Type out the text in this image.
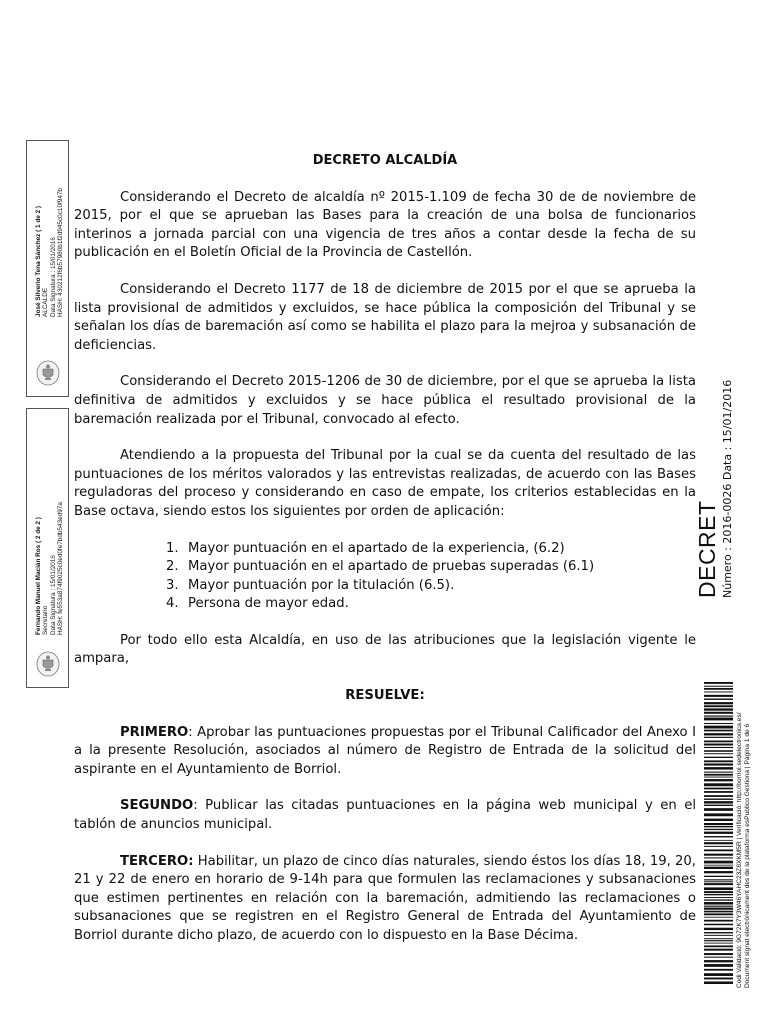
José Silverio Tena Sánchez ( 1 de 2 ) ALCALDE Data Signatura : 15/01/2016 HASH: 430212f6b57980b1f2d945c0c10f947b
Fernando Manuel Macián Ros ( 2 de 2 ) Secretario Data Signatura : 15/01/2016 HASH: fe553a874f9025c0ed0fe7bdb543ed97a
DECRETO ALCALDÍA

Considerando el Decreto de alcaldía nº 2015-1.109 de fecha 30 de de noviembre de 2015, por el que se aprueban las Bases para la creación de una bolsa de funcionarios interinos a jornada parcial con una vigencia de tres años a contar desde la fecha de su publicación en el Boletín Oficial de la Provincia de Castellón.

Considerando el Decreto 1177 de 18 de diciembre de 2015 por el que se aprueba la lista provisional de admitidos y excluidos, se hace pública la composición del Tribunal y se señalan los días de baremación así como se habilita el plazo para la mejroa y subsanación de deficiencias.

Considerando el Decreto 2015-1206 de 30 de diciembre, por el que se aprueba la lista definitiva de admitidos y excluidos y se hace pública el resultado provisional de la baremación realizada por el Tribunal, convocado al efecto.

Atendiendo a la propuesta del Tribunal por la cual se da cuenta del resultado de las puntuaciones de los méritos valorados y las entrevistas realizadas, de acuerdo con las Bases reguladoras del proceso y considerando en caso de empate, los criterios establecidas en la Base octava, siendo estos los siguientes por orden de aplicación:

1. Mayor puntuación en el apartado de la experiencia, (6.2)
2. Mayor puntuación en el apartado de pruebas superadas (6.1)
3. Mayor puntuación por la titulación (6.5).
4. Persona de mayor edad.

Por todo ello esta Alcaldía, en uso de las atribuciones que la legislación vigente le ampara,

RESUELVE:

PRIMERO: Aprobar las puntuaciones propuestas por el Tribunal Calificador del Anexo I a la presente Resolución, asociados al número de Registro de Entrada de la solicitud del aspirante en el Ayuntamiento de Borriol.

SEGUNDO: Publicar las citadas puntuaciones en la página web municipal y en el tablón de anuncios municipal.

TERCERO: Habilitar, un plazo de cinco días naturales, siendo éstos los días 18, 19, 20, 21 y 22 de enero en horario de 9-14h para que formulen las reclamaciones y subsanaciones que estimen pertinentes en relación con la baremación, admitiendo las reclamaciones o subsanaciones que se registren en el Registro General de Entrada del Ayuntamiento de Borriol durante dicho plazo, de acuerdo con lo dispuesto en la Base Décima.

DECRET Número : 2016-0026 Data : 15/01/2016
Codi Validació: 9G72K7Y3W46YAHC23Z8XKM5R | Verificació: http://borriol.sedelectronica.es/ Document signat electrònicament des de la plataforma esPublico Gestiona | Pàgina 1 de 6
